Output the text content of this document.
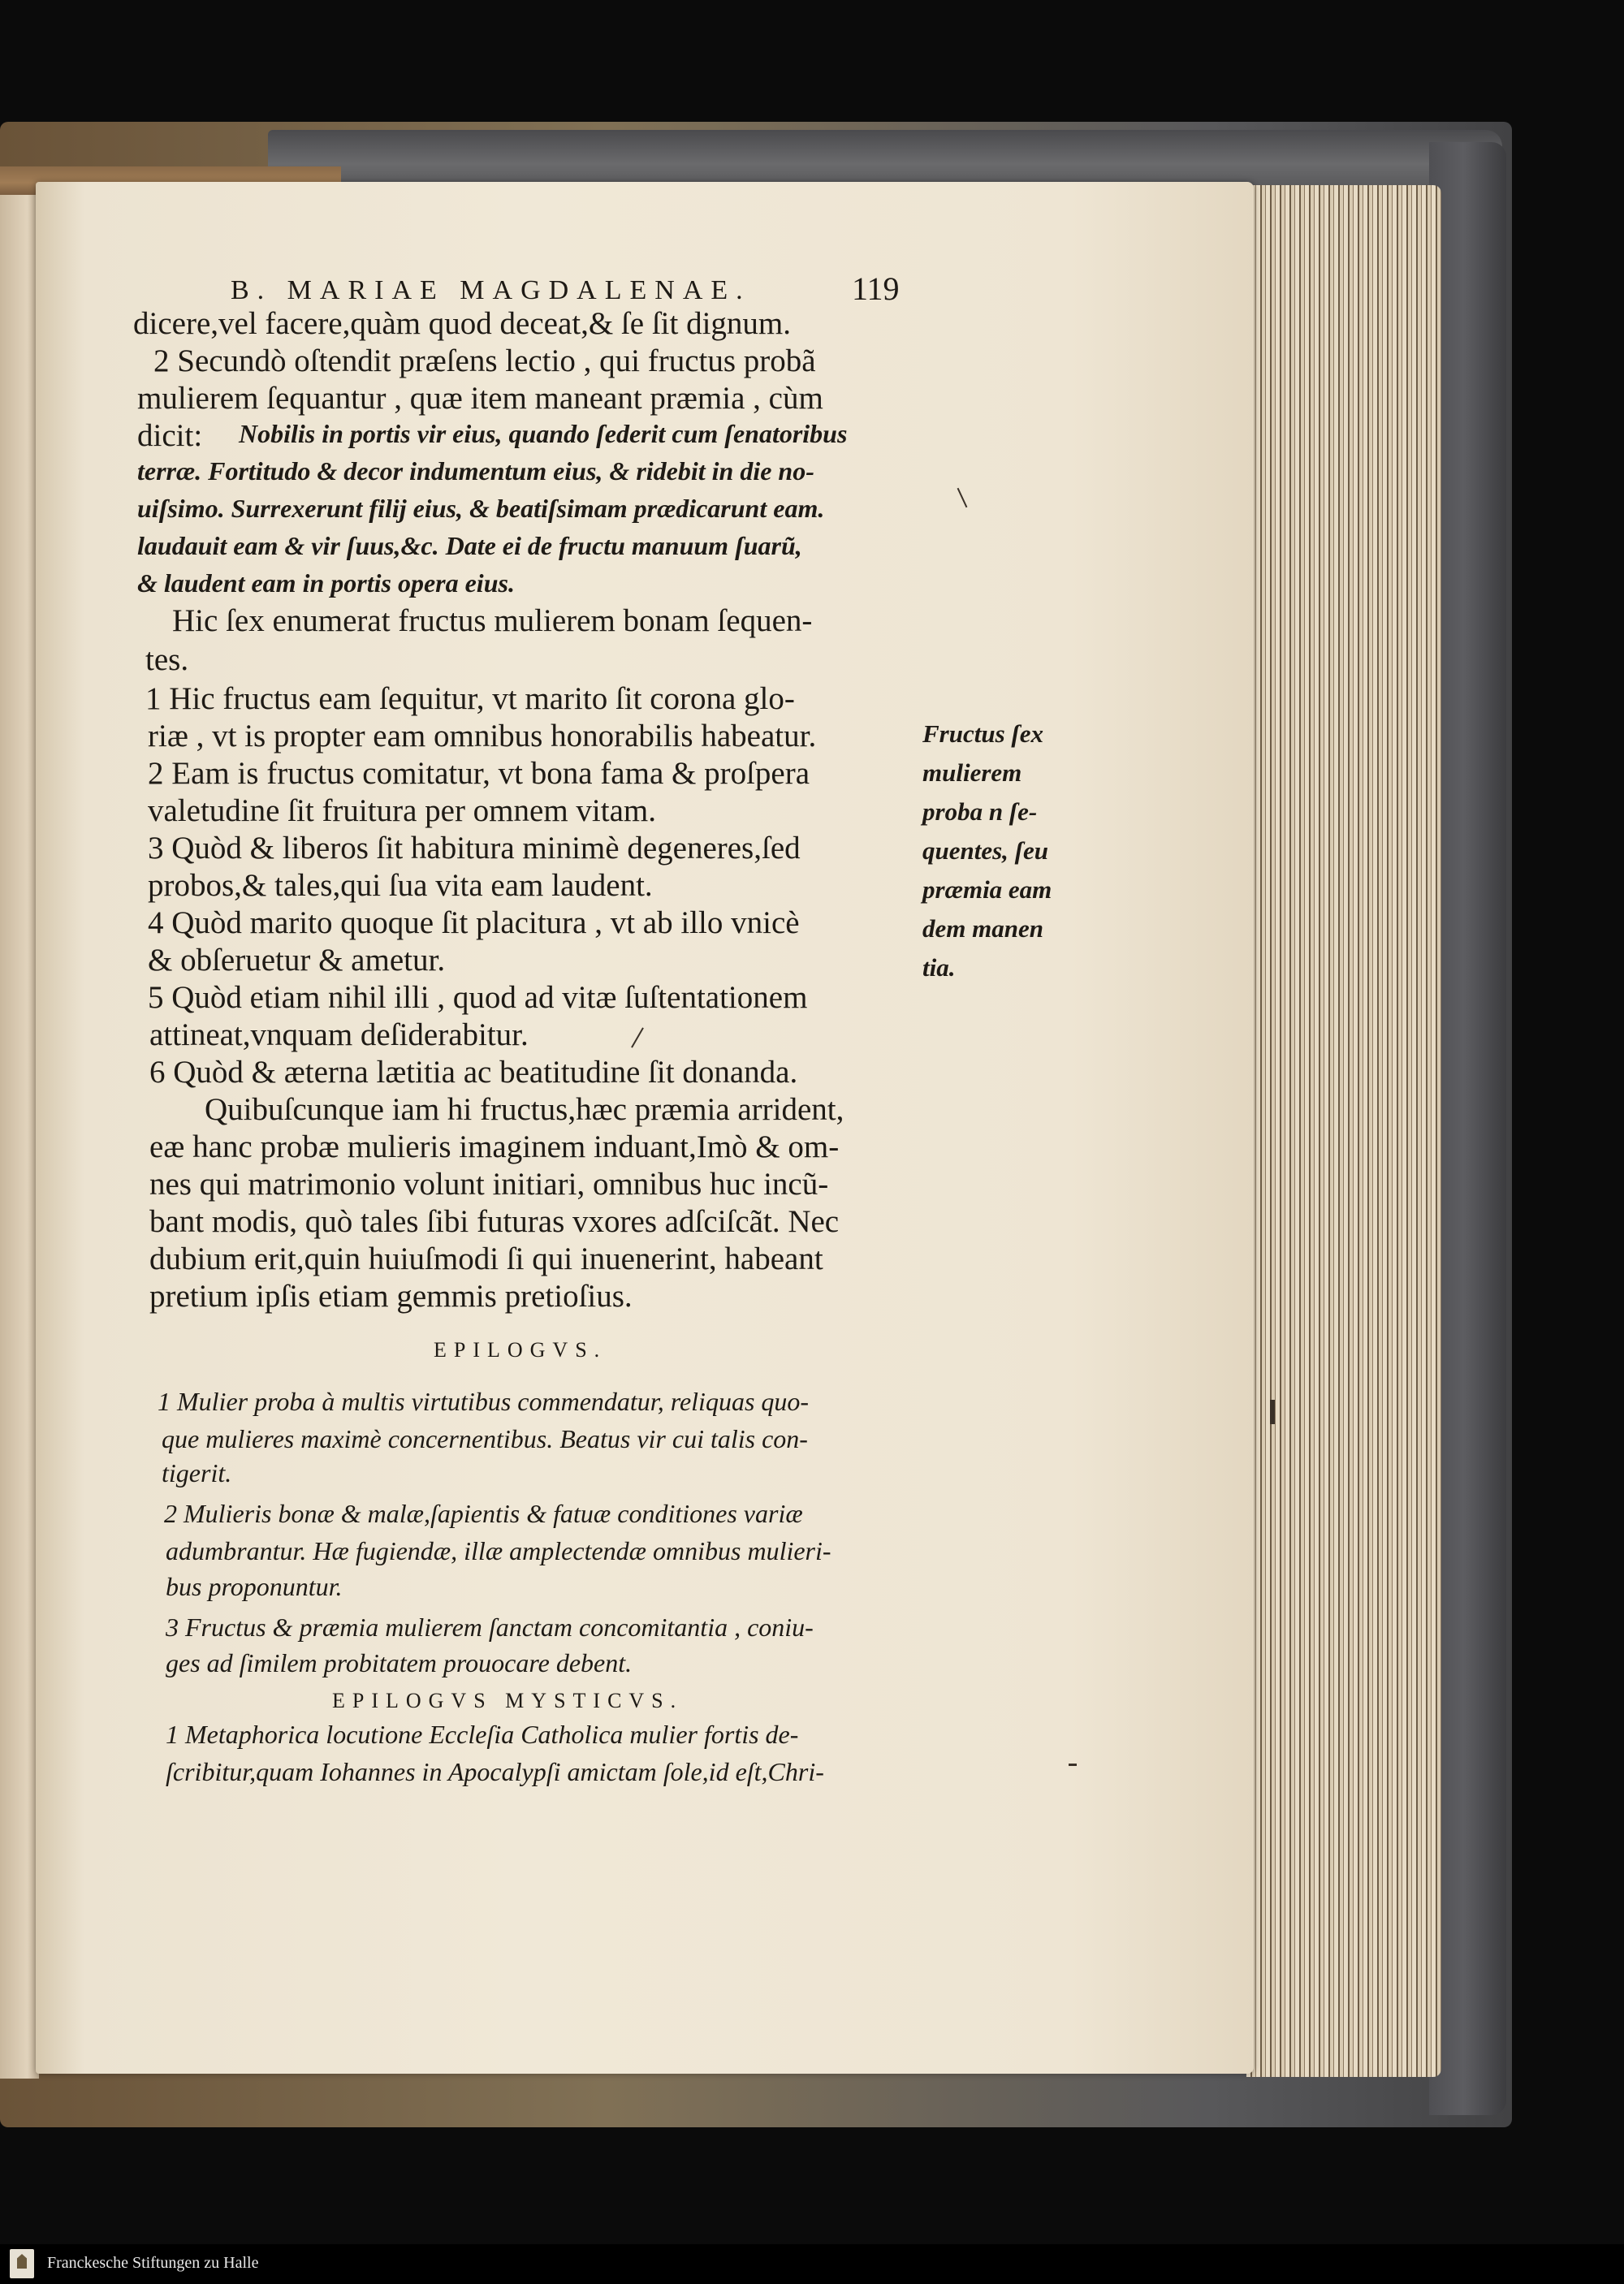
B. MARIAE MAGDALENAE.	119
dicere,vel facere,quàm quod deceat,& ſe ſit dignum.
2 Secundò oſtendit præſens lectio , qui fructus probã
mulierem ſequantur , quæ item maneant præmia , cùm
dicit: Nobilis in portis vir eius, quando ſederit cum ſenatoribus
terræ. Fortitudo & decor indumentum eius, & ridebit in die no-
uiſsimo. Surrexerunt filij eius, & beatiſsimam prædicarunt eam.
laudauit eam & vir ſuus,&c. Date ei de fructu manuum ſuarũ,
& laudent eam in portis opera eius.
Hic ſex enumerat fructus mulierem bonam ſequen-
tes.
1 Hic fructus eam ſequitur, vt marito ſit corona glo-
riæ , vt is propter eam omnibus honorabilis habeatur.
2 Eam is fructus comitatur, vt bona fama & proſpera
valetudine ſit fruitura per omnem vitam.
3 Quòd & liberos ſit habitura minimè degeneres,ſed
probos,& tales,qui ſua vita eam laudent.
4 Quòd marito quoque ſit placitura , vt ab illo vnicè
& obſeruetur & ametur.
5 Quòd etiam nihil illi , quod ad vitæ ſuſtentationem
attineat,vnquam deſiderabitur.
6 Quòd & æterna lætitia ac beatitudine ſit donanda.
Quibuſcunque iam hi fructus,hæc præmia arrident,
eæ hanc probæ mulieris imaginem induant,Imò & om-
nes qui matrimonio volunt initiari, omnibus huc incũ-
bant modis, quò tales ſibi futuras vxores adſciſcãt. Nec
dubium erit,quin huiuſmodi ſi qui inuenerint, habeant
pretium ipſis etiam gemmis pretioſius.
Fructus ſex
mulierem
proba n ſe-
quentes, ſeu
præmia eam
dem manen
tia.
EPILOGVS.
1 Mulier proba à multis virtutibus commendatur, reliquas quo-
que mulieres maximè concernentibus. Beatus vir cui talis con-
tigerit.
2 Mulieris bonæ & malæ,ſapientis & fatuæ conditiones variæ
adumbrantur. Hæ fugiendæ, illæ amplectendæ omnibus mulieri-
bus proponuntur.
3 Fructus & præmia mulierem ſanctam concomitantia , coniu-
ges ad ſimilem probitatem prouocare debent.
EPILOGVS MYSTICVS.
1 Metaphorica locutione Eccleſia Catholica mulier fortis de-
ſcribitur,quam Iohannes in Apocalypſi amictam ſole,id eſt,Chri-
Franckesche Stiftungen zu Halle
